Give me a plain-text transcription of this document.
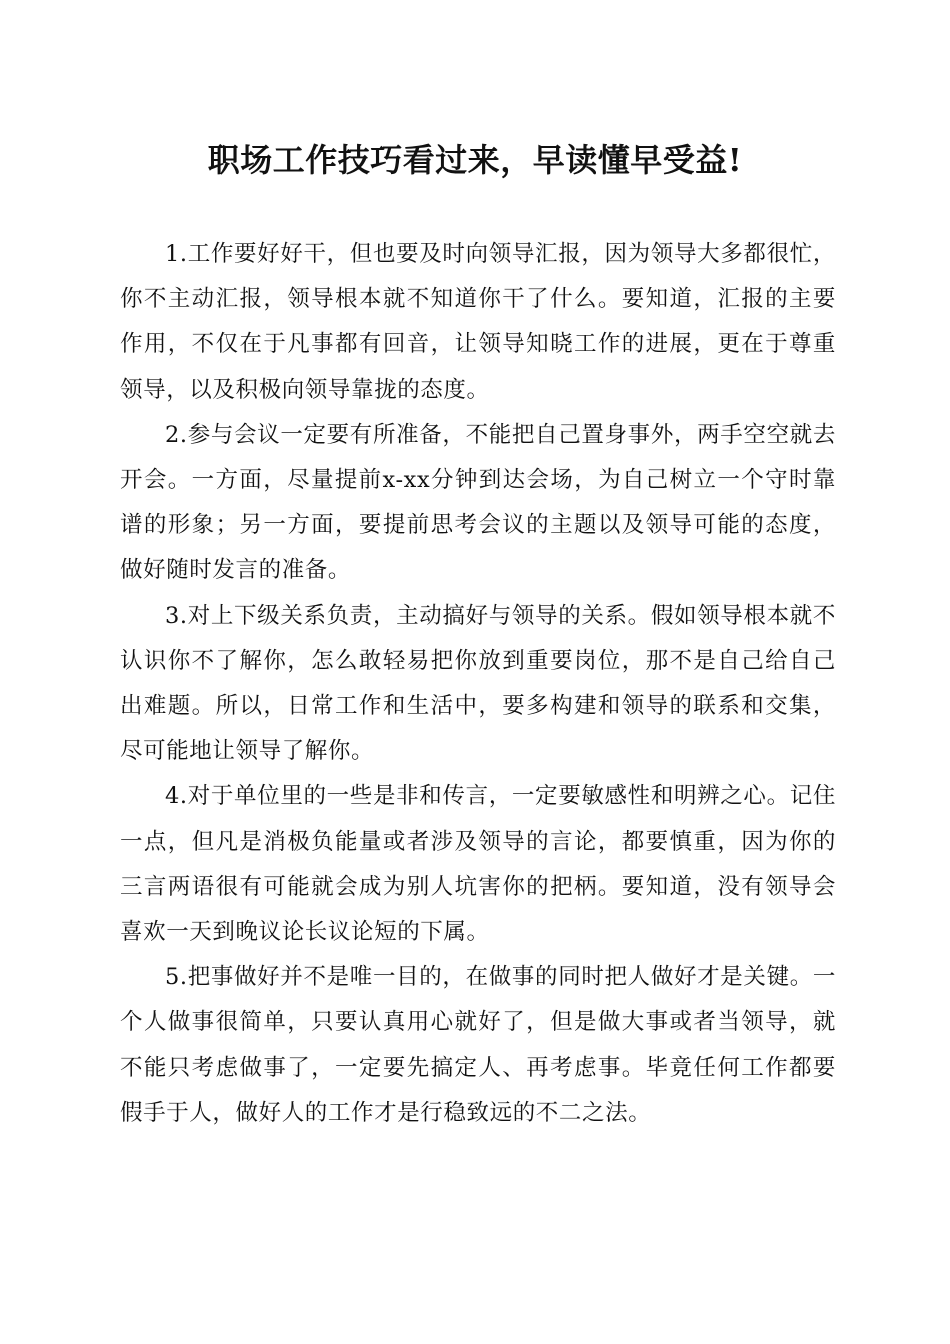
职场工作技巧看过来，早读懂早受益!

1.工作要好好干，但也要及时向领导汇报，因为领导大多都很忙，你不主动汇报，领导根本就不知道你干了什么。要知道，汇报的主要作用，不仅在于凡事都有回音，让领导知晓工作的进展，更在于尊重领导，以及积极向领导靠拢的态度。

2.参与会议一定要有所准备，不能把自己置身事外，两手空空就去开会。一方面，尽量提前x-xx分钟到达会场，为自己树立一个守时靠谱的形象；另一方面，要提前思考会议的主题以及领导可能的态度，做好随时发言的准备。

3.对上下级关系负责，主动搞好与领导的关系。假如领导根本就不认识你不了解你，怎么敢轻易把你放到重要岗位，那不是自己给自己出难题。所以，日常工作和生活中，要多构建和领导的联系和交集，尽可能地让领导了解你。

4.对于单位里的一些是非和传言，一定要敏感性和明辨之心。记住一点，但凡是消极负能量或者涉及领导的言论，都要慎重，因为你的三言两语很有可能就会成为别人坑害你的把柄。要知道，没有领导会喜欢一天到晚议论长议论短的下属。

5.把事做好并不是唯一目的，在做事的同时把人做好才是关键。一个人做事很简单，只要认真用心就好了，但是做大事或者当领导，就不能只考虑做事了，一定要先搞定人、再考虑事。毕竟任何工作都要假手于人，做好人的工作才是行稳致远的不二之法。
